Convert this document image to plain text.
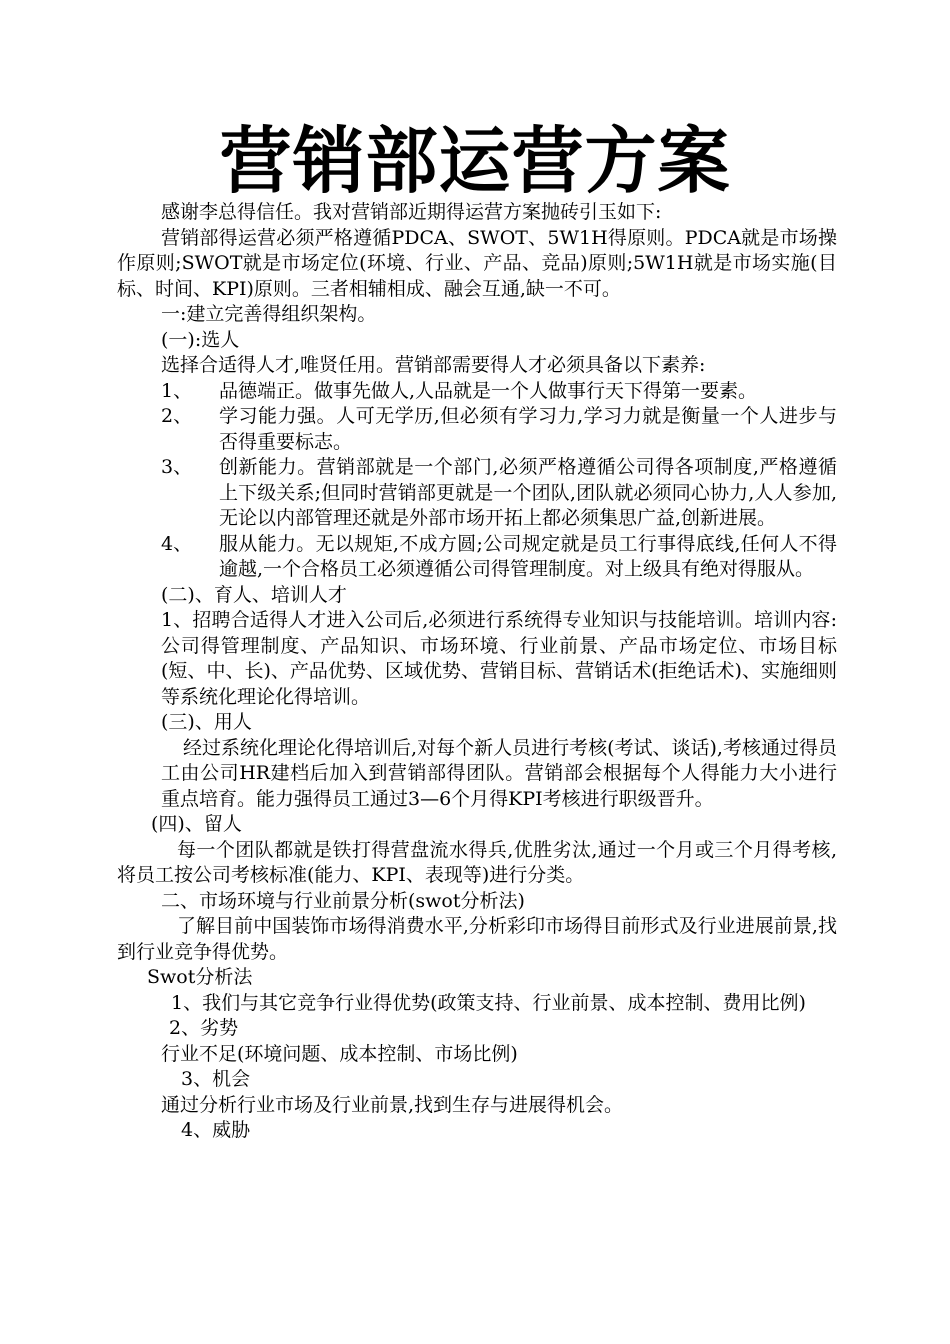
营销部运营方案

感谢李总得信任。我对营销部近期得运营方案抛砖引玉如下:

营销部得运营必须严格遵循PDCA、SWOT、5W1H得原则。PDCA就是市场操作原则;SWOT就是市场定位(环境、行业、产品、竞品)原则;5W1H就是市场实施(目标、时间、KPI)原则。三者相辅相成、融会互通,缺一不可。

一:建立完善得组织架构。

(一):选人

选择合适得人才,唯贤任用。营销部需要得人才必须具备以下素养:

1、	品德端正。做事先做人,人品就是一个人做事行天下得第一要素。
2、	学习能力强。人可无学历,但必须有学习力,学习力就是衡量一个人进步与否得重要标志。
3、	创新能力。营销部就是一个部门,必须严格遵循公司得各项制度,严格遵循上下级关系;但同时营销部更就是一个团队,团队就必须同心协力,人人参加,无论以内部管理还就是外部市场开拓上都必须集思广益,创新进展。
4、	服从能力。无以规矩,不成方圆;公司规定就是员工行事得底线,任何人不得逾越,一个合格员工必须遵循公司得管理制度。对上级具有绝对得服从。

(二)、育人、培训人才

1、招聘合适得人才进入公司后,必须进行系统得专业知识与技能培训。培训内容:公司得管理制度、产品知识、市场环境、行业前景、产品市场定位、市场目标(短、中、长)、产品优势、区域优势、营销目标、营销话术(拒绝话术)、实施细则等系统化理论化得培训。

(三)、用人

经过系统化理论化得培训后,对每个新人员进行考核(考试、谈话),考核通过得员工由公司HR建档后加入到营销部得团队。营销部会根据每个人得能力大小进行重点培育。能力强得员工通过3—6个月得KPI考核进行职级晋升。

(四)、留人

每一个团队都就是铁打得营盘流水得兵,优胜劣汰,通过一个月或三个月得考核,将员工按公司考核标准(能力、KPI、表现等)进行分类。

二、市场环境与行业前景分析(swot分析法)

了解目前中国装饰市场得消费水平,分析彩印市场得目前形式及行业进展前景,找到行业竞争得优势。

Swot分析法

1、我们与其它竞争行业得优势(政策支持、行业前景、成本控制、费用比例)

2、劣势

行业不足(环境问题、成本控制、市场比例)

3、机会

通过分析行业市场及行业前景,找到生存与进展得机会。

4、威胁
